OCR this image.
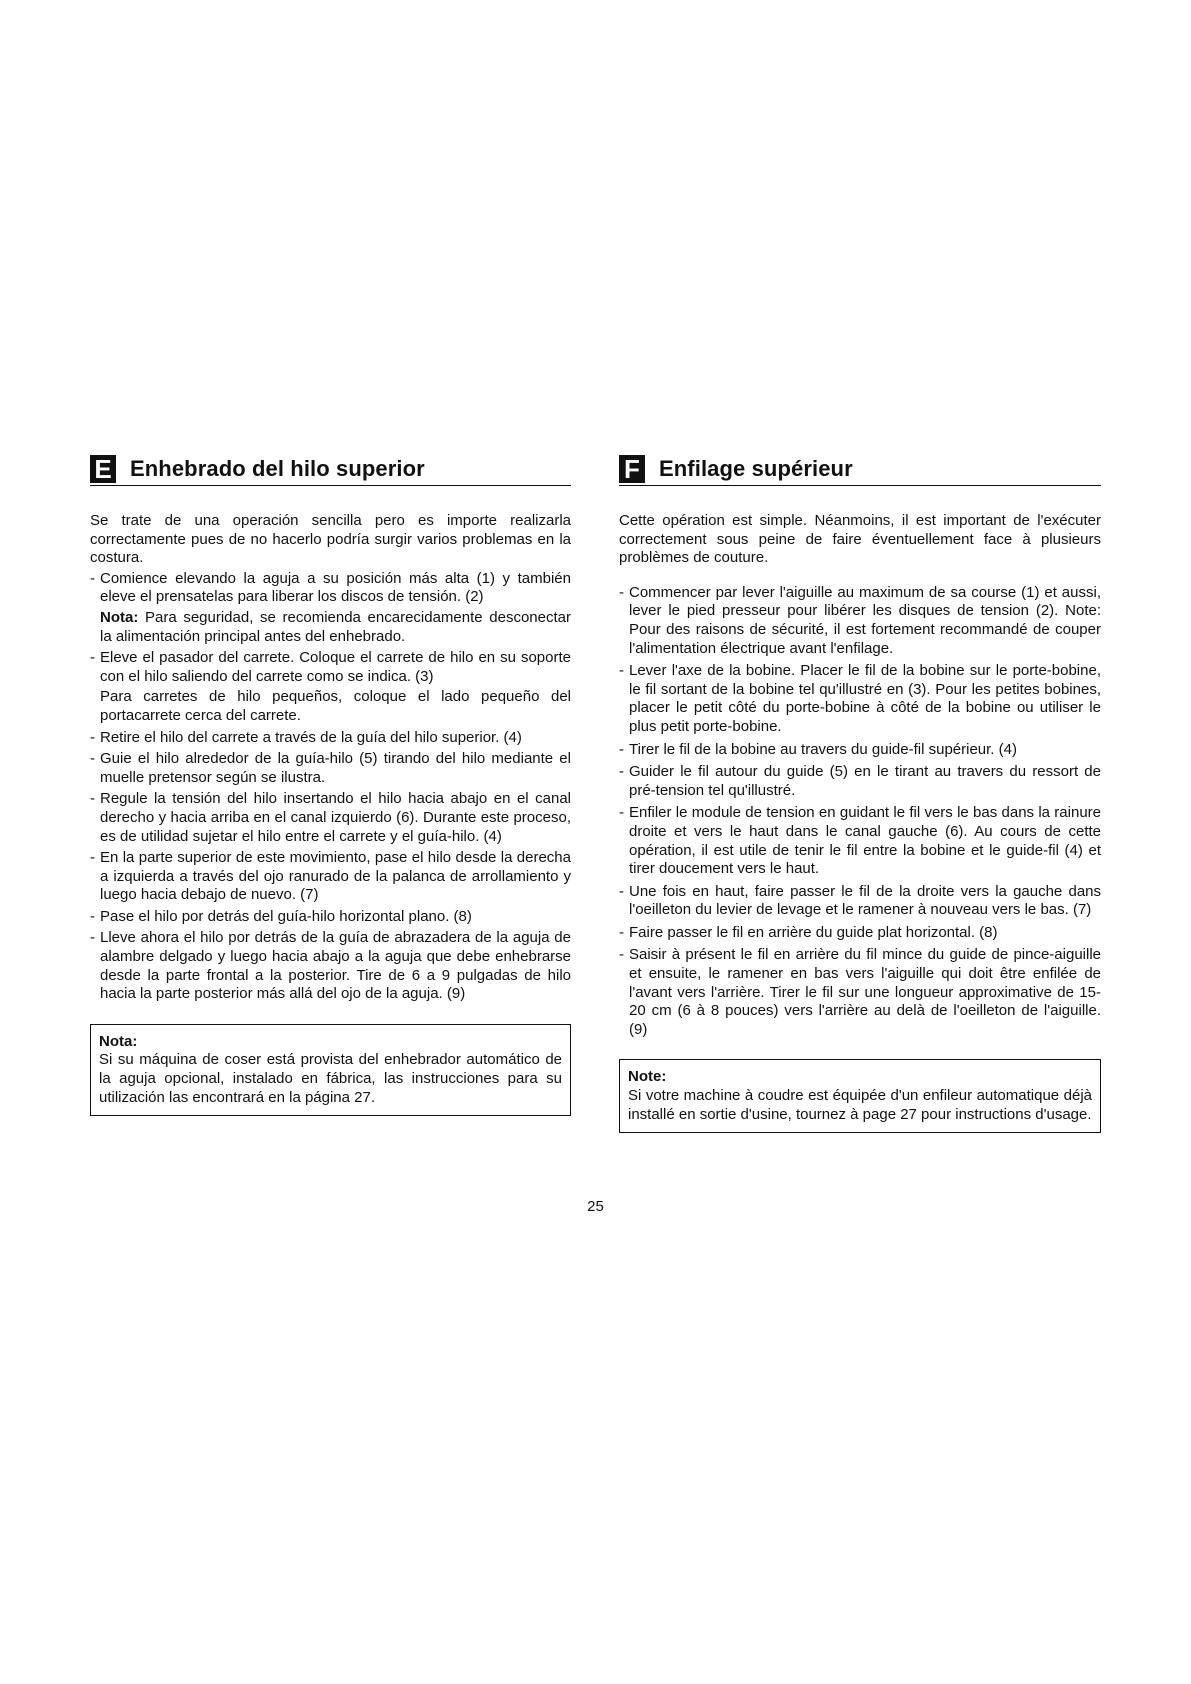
E Enhebrado del hilo superior

Se trate de una operación sencilla pero es importe realizarla correctamente pues de no hacerlo podría surgir varios problemas en la costura.

- Comience elevando la aguja a su posición más alta (1) y también eleve el prensatelas para liberar los discos de tensión. (2)
Nota: Para seguridad, se recomienda encarecidamente desconectar la alimentación principal antes del enhebrado.
- Eleve el pasador del carrete. Coloque el carrete de hilo en su soporte con el hilo saliendo del carrete como se indica. (3)
Para carretes de hilo pequeños, coloque el lado pequeño del portacarrete cerca del carrete.
- Retire el hilo del carrete a través de la guía del hilo superior. (4)
- Guie el hilo alrededor de la guía-hilo (5) tirando del hilo mediante el muelle pretensor según se ilustra.
- Regule la tensión del hilo insertando el hilo hacia abajo en el canal derecho y hacia arriba en el canal izquierdo (6). Durante este proceso, es de utilidad sujetar el hilo entre el carrete y el guía-hilo. (4)
- En la parte superior de este movimiento, pase el hilo desde la derecha a izquierda a través del ojo ranurado de la palanca de arrollamiento y luego hacia debajo de nuevo. (7)
- Pase el hilo por detrás del guía-hilo horizontal plano. (8)
- Lleve ahora el hilo por detrás de la guía de abrazadera de la aguja de alambre delgado y luego hacia abajo a la aguja que debe enhebrarse desde la parte frontal a la posterior. Tire de 6 a 9 pulgadas de hilo hacia la parte posterior más allá del ojo de la aguja. (9)
Nota:
Si su máquina de coser está provista del enhebrador automático de la aguja opcional, instalado en fábrica, las instrucciones para su utilización las encontrará en la página 27.
F Enfilage supérieur

Cette opération est simple. Néanmoins, il est important de l'exécuter correctement sous peine de faire éventuellement face à plusieurs problèmes de couture.

- Commencer par lever l'aiguille au maximum de sa course (1) et aussi, lever le pied presseur pour libérer les disques de tension (2). Note: Pour des raisons de sécurité, il est fortement recommandé de couper l'alimentation électrique avant l'enfilage.
- Lever l'axe de la bobine. Placer le fil de la bobine sur le porte-bobine, le fil sortant de la bobine tel qu'illustré en (3). Pour les petites bobines, placer le petit côté du porte-bobine à côté de la bobine ou utiliser le plus petit porte-bobine.
- Tirer le fil de la bobine au travers du guide-fil supérieur. (4)
- Guider le fil autour du guide (5) en le tirant au travers du ressort de pré-tension tel qu'illustré.
- Enfiler le module de tension en guidant le fil vers le bas dans la rainure droite et vers le haut dans le canal gauche (6). Au cours de cette opération, il est utile de tenir le fil entre la bobine et le guide-fil (4) et tirer doucement vers le haut.
- Une fois en haut, faire passer le fil de la droite vers la gauche dans l'oeilleton du levier de levage et le ramener à nouveau vers le bas. (7)
- Faire passer le fil en arrière du guide plat horizontal. (8)
- Saisir à présent le fil en arrière du fil mince du guide de pince-aiguille et ensuite, le ramener en bas vers l'aiguille qui doit être enfilée de l'avant vers l'arrière. Tirer le fil sur une longueur approximative de 15-20 cm (6 à 8 pouces) vers l'arrière au delà de l'oeilleton de l'aiguille. (9)
Note:
Si votre machine à coudre est équipée d'un enfileur automatique déjà installé en sortie d'usine, tournez à page 27 pour instructions d'usage.
25
